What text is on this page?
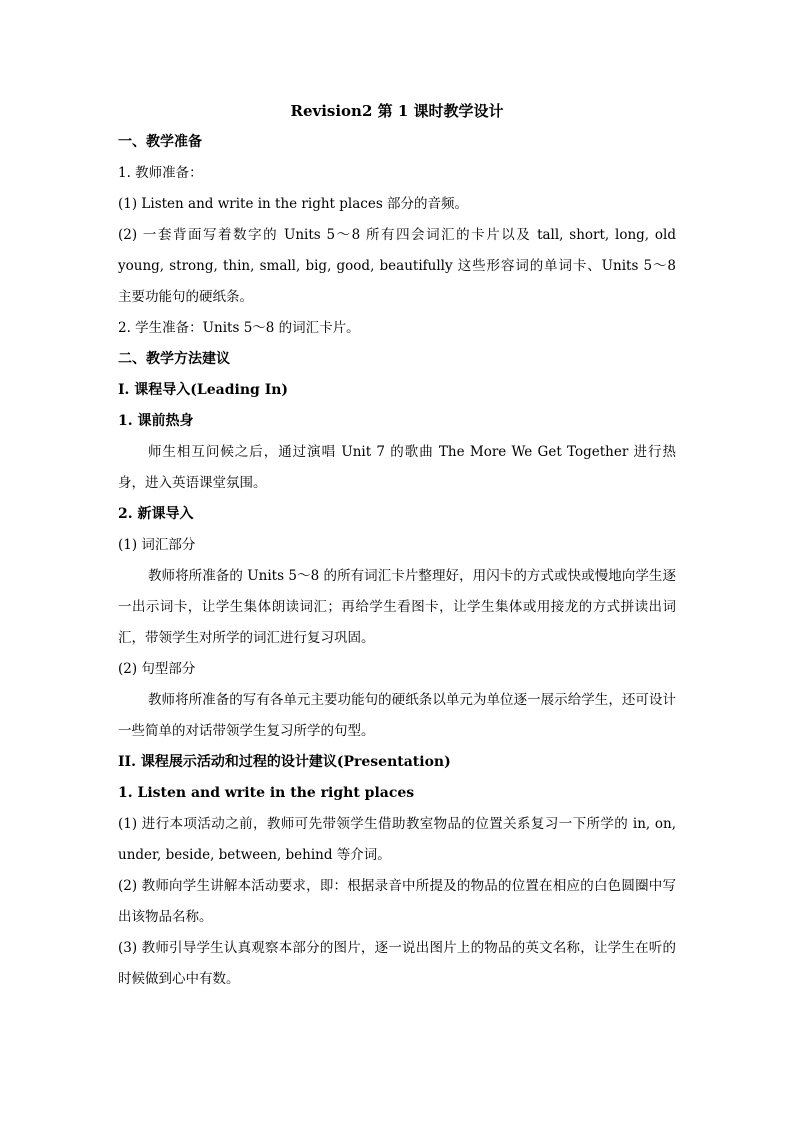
Revision2 第 1 课时教学设计
一、教学准备
1. 教师准备：
(1) Listen and write in the right places 部分的音频。
(2) 一套背面写着数字的 Units 5～8 所有四会词汇的卡片以及 tall, short, long, old young, strong, thin, small, big, good, beautifully 这些形容词的单词卡、Units 5～8 主要功能句的硬纸条。
2. 学生准备：Units 5～8 的词汇卡片。
二、教学方法建议
I. 课程导入(Leading In)
1. 课前热身
师生相互问候之后，通过演唱 Unit 7 的歌曲 The More We Get Together 进行热身，进入英语课堂氛围。
2. 新课导入
(1) 词汇部分
教师将所准备的 Units 5～8 的所有词汇卡片整理好，用闪卡的方式或快或慢地向学生逐一出示词卡，让学生集体朗读词汇；再给学生看图卡，让学生集体或用接龙的方式拼读出词汇，带领学生对所学的词汇进行复习巩固。
(2) 句型部分
教师将所准备的写有各单元主要功能句的硬纸条以单元为单位逐一展示给学生，还可设计一些简单的对话带领学生复习所学的句型。
II. 课程展示活动和过程的设计建议(Presentation)
1. Listen and write in the right places
(1) 进行本项活动之前，教师可先带领学生借助教室物品的位置关系复习一下所学的 in, on, under, beside, between, behind 等介词。
(2) 教师向学生讲解本活动要求，即：根据录音中所提及的物品的位置在相应的白色圆圈中写出该物品名称。
(3) 教师引导学生认真观察本部分的图片，逐一说出图片上的物品的英文名称，让学生在听的时候做到心中有数。
